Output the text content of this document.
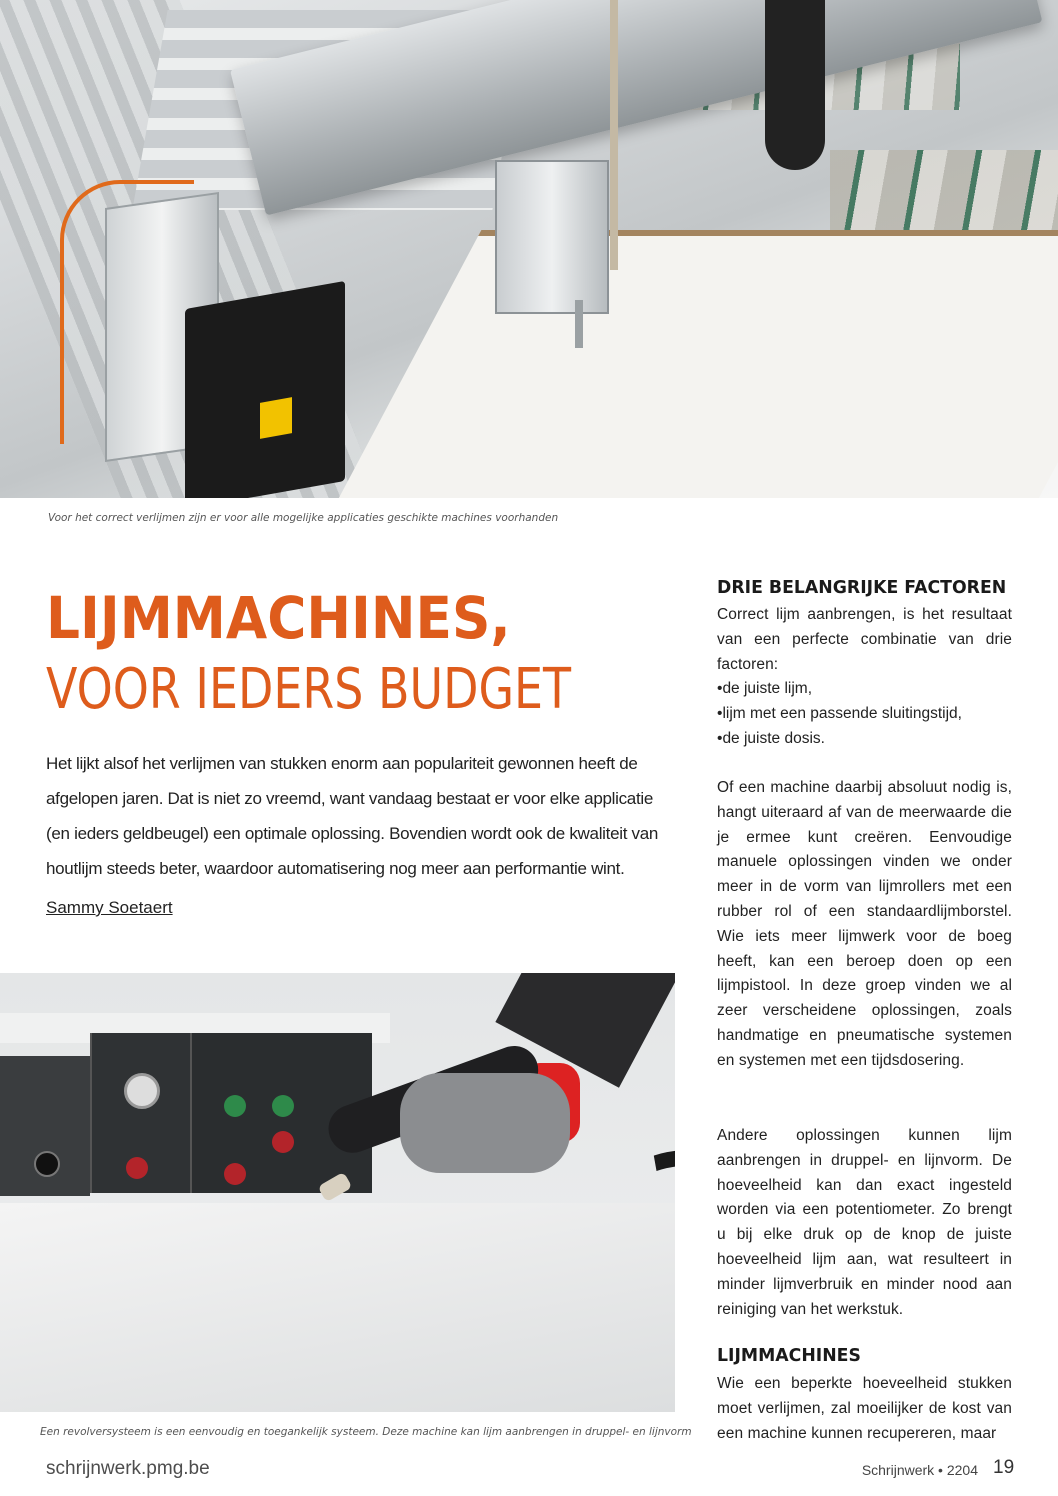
Voor het correct verlijmen zijn er voor alle mogelijke applicaties geschikte machines voorhanden
LIJMMACHINES,
VOOR IEDERS BUDGET

Het lijkt alsof het verlijmen van stukken enorm aan populariteit gewonnen heeft de afgelopen jaren. Dat is niet zo vreemd, want vandaag bestaat er voor elke applicatie (en ieders geldbeugel) een optimale oplossing. Bovendien wordt ook de kwaliteit van houtlijm steeds beter, waardoor automatisering nog meer aan performantie wint.

Sammy Soetaert
Een revolversysteem is een eenvoudig en toegankelijk systeem. Deze machine kan lijm aanbrengen in druppel- en lijnvorm
DRIE BELANGRIJKE FACTOREN

Correct lijm aanbrengen, is het resultaat van een perfecte combinatie van drie factoren:

• de juiste lijm,
• lijm met een passende sluitingstijd,
• de juiste dosis.

Of een machine daarbij absoluut nodig is, hangt uiteraard af van de meerwaarde die je ermee kunt creëren. Eenvoudige manuele oplossingen vinden we onder meer in de vorm van lijmrollers met een rubber rol of een standaardlijmborstel. Wie iets meer lijmwerk voor de boeg heeft, kan een beroep doen op een lijmpistool. In deze groep vinden we al zeer verscheidene oplossingen, zoals handmatige en pneumatische systemen en systemen met een tijdsdosering.

Andere oplossingen kunnen lijm aanbrengen in druppel- en lijnvorm. De hoeveelheid kan dan exact ingesteld worden via een potentiometer. Zo brengt u bij elke druk op de knop de juiste hoeveelheid lijm aan, wat resulteert in minder lijmverbruik en minder nood aan reiniging van het werkstuk.

LIJMMACHINES

Wie een beperkte hoeveelheid stukken moet verlijmen, zal moeilijker de kost van een machine kunnen recupereren, maar

schrijnwerk.pmg.be	Schrijnwerk • 2204 19
